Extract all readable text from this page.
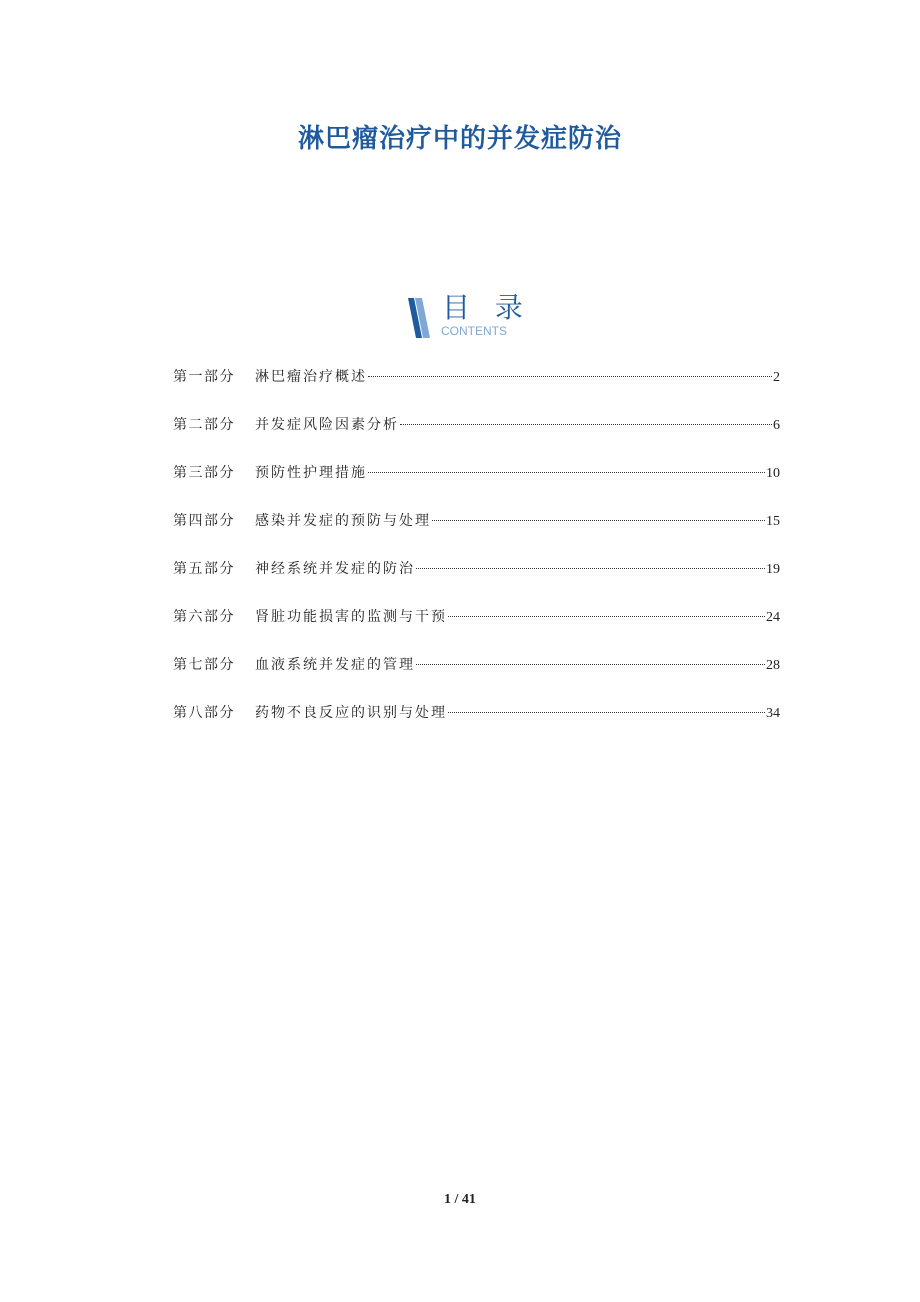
淋巴瘤治疗中的并发症防治
目 录
CONTENTS
第一部分 淋巴瘤治疗概述	2
第二部分 并发症风险因素分析	6
第三部分 预防性护理措施	10
第四部分 感染并发症的预防与处理	15
第五部分 神经系统并发症的防治	19
第六部分 肾脏功能损害的监测与干预	24
第七部分 血液系统并发症的管理	28
第八部分 药物不良反应的识别与处理	34
1 / 41
